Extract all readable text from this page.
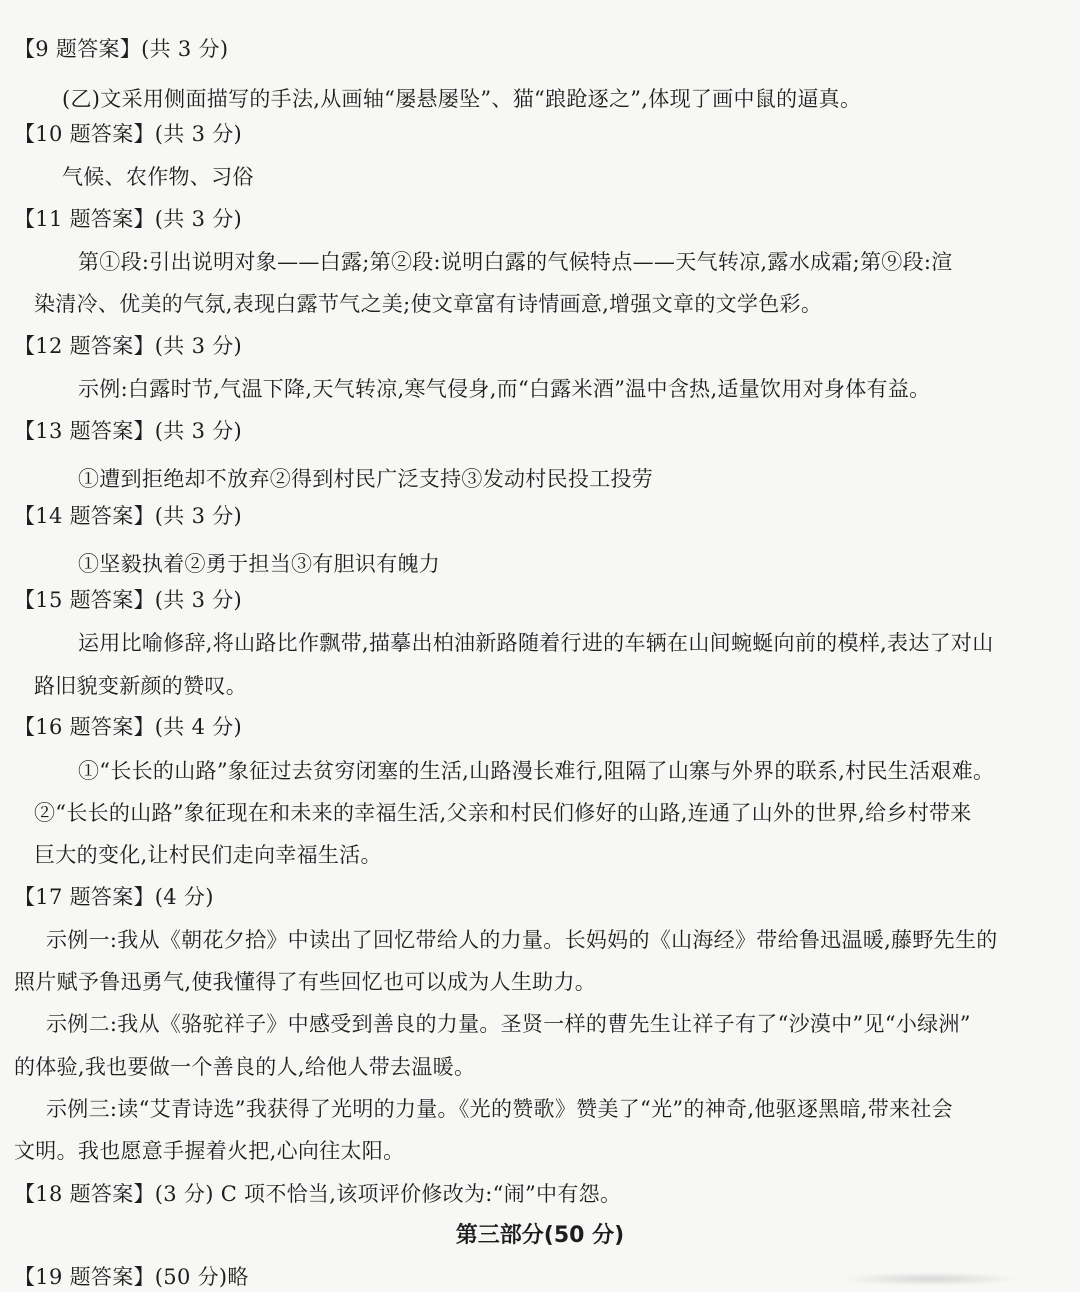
【9 题答案】(共 3 分)
(乙)文采用侧面描写的手法,从画轴“屡悬屡坠”、猫“踉跄逐之”,体现了画中鼠的逼真。
【10 题答案】(共 3 分)
气候、农作物、习俗
【11 题答案】(共 3 分)
第①段:引出说明对象——白露;第②段:说明白露的气候特点——天气转凉,露水成霜;第⑨段:渲
染清冷、优美的气氛,表现白露节气之美;使文章富有诗情画意,增强文章的文学色彩。
【12 题答案】(共 3 分)
示例:白露时节,气温下降,天气转凉,寒气侵身,而“白露米酒”温中含热,适量饮用对身体有益。
【13 题答案】(共 3 分)
①遭到拒绝却不放弃②得到村民广泛支持③发动村民投工投劳
【14 题答案】(共 3 分)
①坚毅执着②勇于担当③有胆识有魄力
【15 题答案】(共 3 分)
运用比喻修辞,将山路比作飘带,描摹出柏油新路随着行进的车辆在山间蜿蜒向前的模样,表达了对山
路旧貌变新颜的赞叹。
【16 题答案】(共 4 分)
①“长长的山路”象征过去贫穷闭塞的生活,山路漫长难行,阻隔了山寨与外界的联系,村民生活艰难。
②“长长的山路”象征现在和未来的幸福生活,父亲和村民们修好的山路,连通了山外的世界,给乡村带来
巨大的变化,让村民们走向幸福生活。
【17 题答案】(4 分)
示例一:我从《朝花夕拾》中读出了回忆带给人的力量。长妈妈的《山海经》带给鲁迅温暖,藤野先生的
照片赋予鲁迅勇气,使我懂得了有些回忆也可以成为人生助力。
示例二:我从《骆驼祥子》中感受到善良的力量。圣贤一样的曹先生让祥子有了“沙漠中”见“小绿洲”
的体验,我也要做一个善良的人,给他人带去温暖。
示例三:读“艾青诗选”我获得了光明的力量。《光的赞歌》赞美了“光”的神奇,他驱逐黑暗,带来社会
文明。我也愿意手握着火把,心向往太阳。
【18 题答案】(3 分) C 项不恰当,该项评价修改为:“闹”中有怨。
第三部分(50 分)
【19 题答案】(50 分)略
